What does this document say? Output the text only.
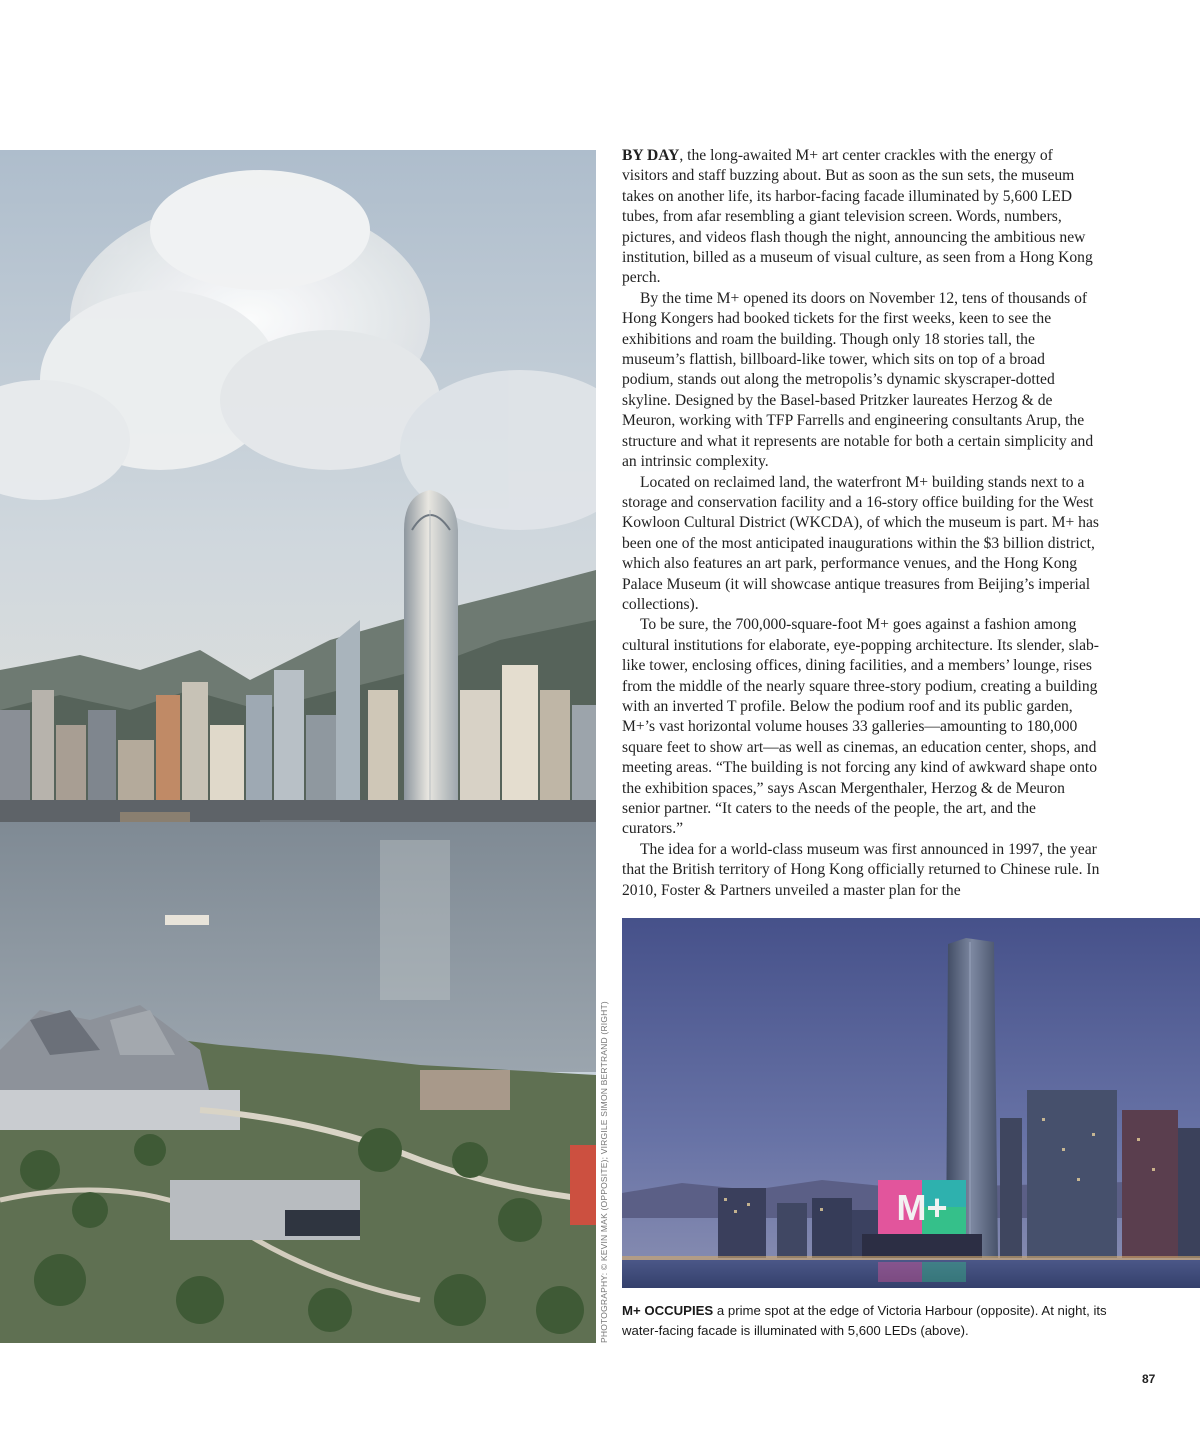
PHOTOGRAPHY: © KEVIN MAK (OPPOSITE); VIRGILE SIMON BERTRAND (RIGHT)

BY DAY, the long-awaited M+ art center crackles with the energy of visitors and staff buzzing about. But as soon as the sun sets, the museum takes on another life, its harbor-facing facade illuminated by 5,600 LED tubes, from afar resembling a giant television screen. Words, numbers, pictures, and videos flash though the night, announcing the ambitious new institution, billed as a museum of visual culture, as seen from a Hong Kong perch.

By the time M+ opened its doors on November 12, tens of thousands of Hong Kongers had booked tickets for the first weeks, keen to see the exhibitions and roam the building. Though only 18 stories tall, the museum’s flattish, billboard-like tower, which sits on top of a broad podium, stands out along the metropolis’s dynamic skyscraper-dotted skyline. Designed by the Basel-based Pritzker laureates Herzog & de Meuron, working with TFP Farrells and engineering consultants Arup, the structure and what it represents are notable for both a certain simplicity and an intrinsic complexity.

Located on reclaimed land, the waterfront M+ building stands next to a storage and conservation facility and a 16-story office building for the West Kowloon Cultural District (WKCDA), of which the museum is part. M+ has been one of the most anticipated inaugurations within the $3 billion district, which also features an art park, performance venues, and the Hong Kong Palace Museum (it will showcase antique treasures from Beijing’s imperial collections).

To be sure, the 700,000-square-foot M+ goes against a fashion among cultural institutions for elaborate, eye-popping architecture. Its slender, slab-like tower, enclosing offices, dining facilities, and a members’ lounge, rises from the middle of the nearly square three-story podium, creating a building with an inverted T profile. Below the podium roof and its public garden, M+’s vast horizontal volume houses 33 galleries—amounting to 180,000 square feet to show art—as well as cinemas, an education center, shops, and meeting areas. “The building is not forcing any kind of awkward shape onto the exhibition spaces,” says Ascan Mergenthaler, Herzog & de Meuron senior partner. “It caters to the needs of the people, the art, and the curators.”

The idea for a world-class museum was first announced in 1997, the year that the British territory of Hong Kong officially returned to Chinese rule. In 2010, Foster & Partners unveiled a master plan for the

M+
M+ OCCUPIES a prime spot at the edge of Victoria Harbour (opposite). At night, its water-facing facade is illuminated with 5,600 LEDs (above).
87
